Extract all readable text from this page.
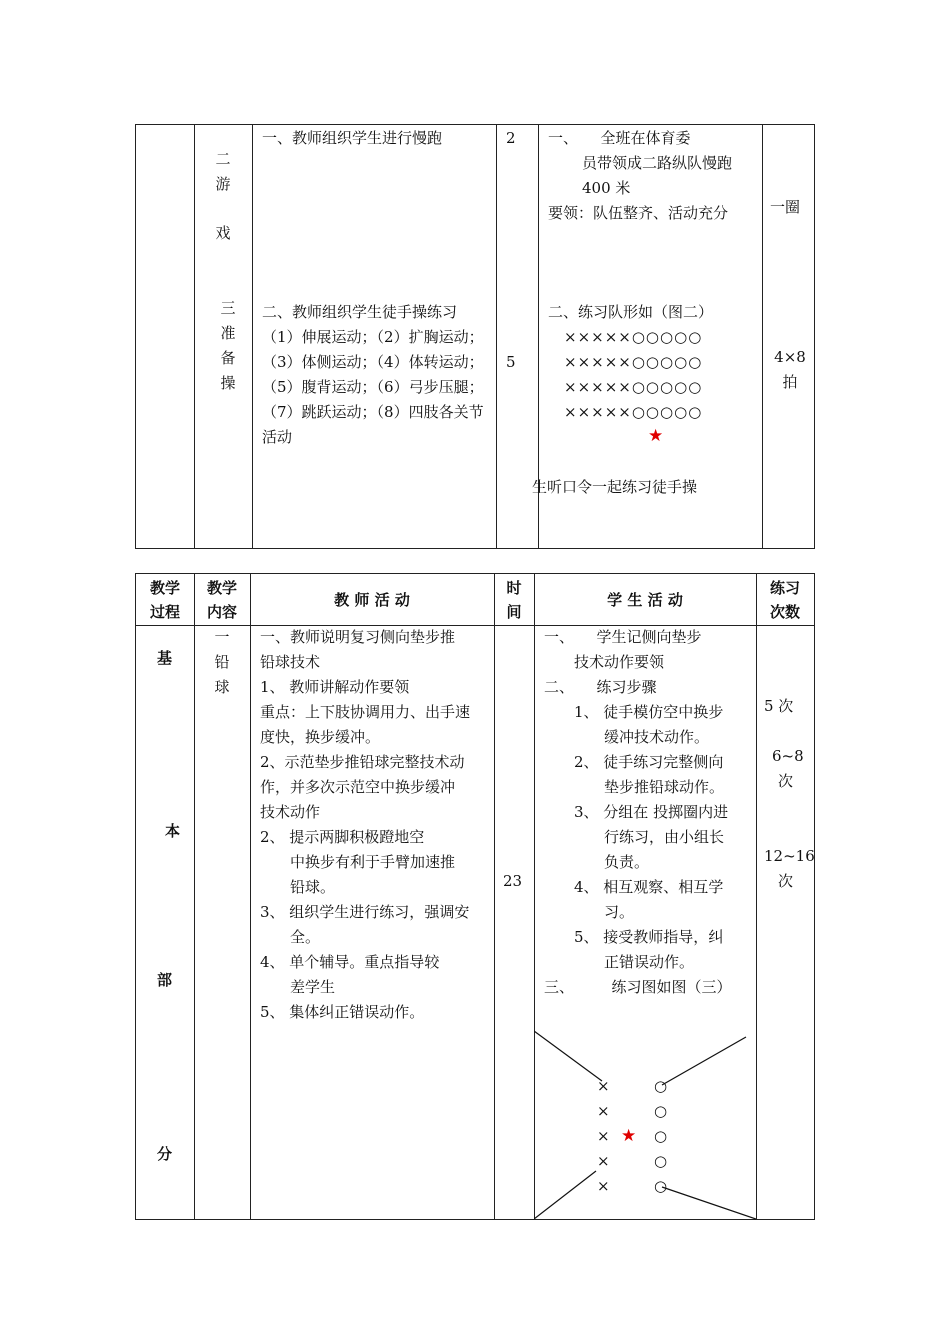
二
游
戏
三
准
备
操
一、教师组织学生进行慢跑	2 一、　　全班在体育委
员带领成二路纵队慢跑
400 米
要领：队伍整齐、活动充分	一圈
二、教师组织学生徒手操练习
（1）伸展运动；（2）扩胸运动；
（3）体侧运动；（4）体转运动；
（5）腹背运动；（6）弓步压腿；
（7）跳跃运动；（8）四肢各关节
活动
5
二、练习队形如（图二）
×××××○○○○○
×××××○○○○○
×××××○○○○○
×××××○○○○○
★
生听口令一起练习徒手操
4×8
拍
教学
过程
教学
内容
教 师 活 动
时
间
学 生 活 动
练习
次数
基
本
部
分
一
铅
球
一、教师说明复习侧向垫步推
铅球技术
1、 教师讲解动作要领
重点：上下肢协调用力、出手速
度快，换步缓冲。
2、示范垫步推铅球完整技术动
作，并多次示范空中换步缓冲
技术动作
2、 提示两脚积极蹬地空
　　中换步有利于手臂加速推
　　铅球。
3、 组织学生进行练习，强调安
　　全。
4、 单个辅导。重点指导较
　　差学生
5、 集体纠正错误动作。
23
一、　　学生记侧向垫步
　　技术动作要领
二、　　练习步骤
　　1、 徒手模仿空中换步
　　　　缓冲技术动作。
　　2、 徒手练习完整侧向
　　　　垫步推铅球动作。
　　3、 分组在 投掷圈内进
　　　　行练习，由小组长
　　　　负责。
　　4、 相互观察、相互学
　　　　习。
　　5、 接受教师指导，纠
　　　　正错误动作。
三、　　　练习图如图（三）
×
×
×
×
×
★
○
○
○
○
○
5 次
6~8
次
12~16
次
